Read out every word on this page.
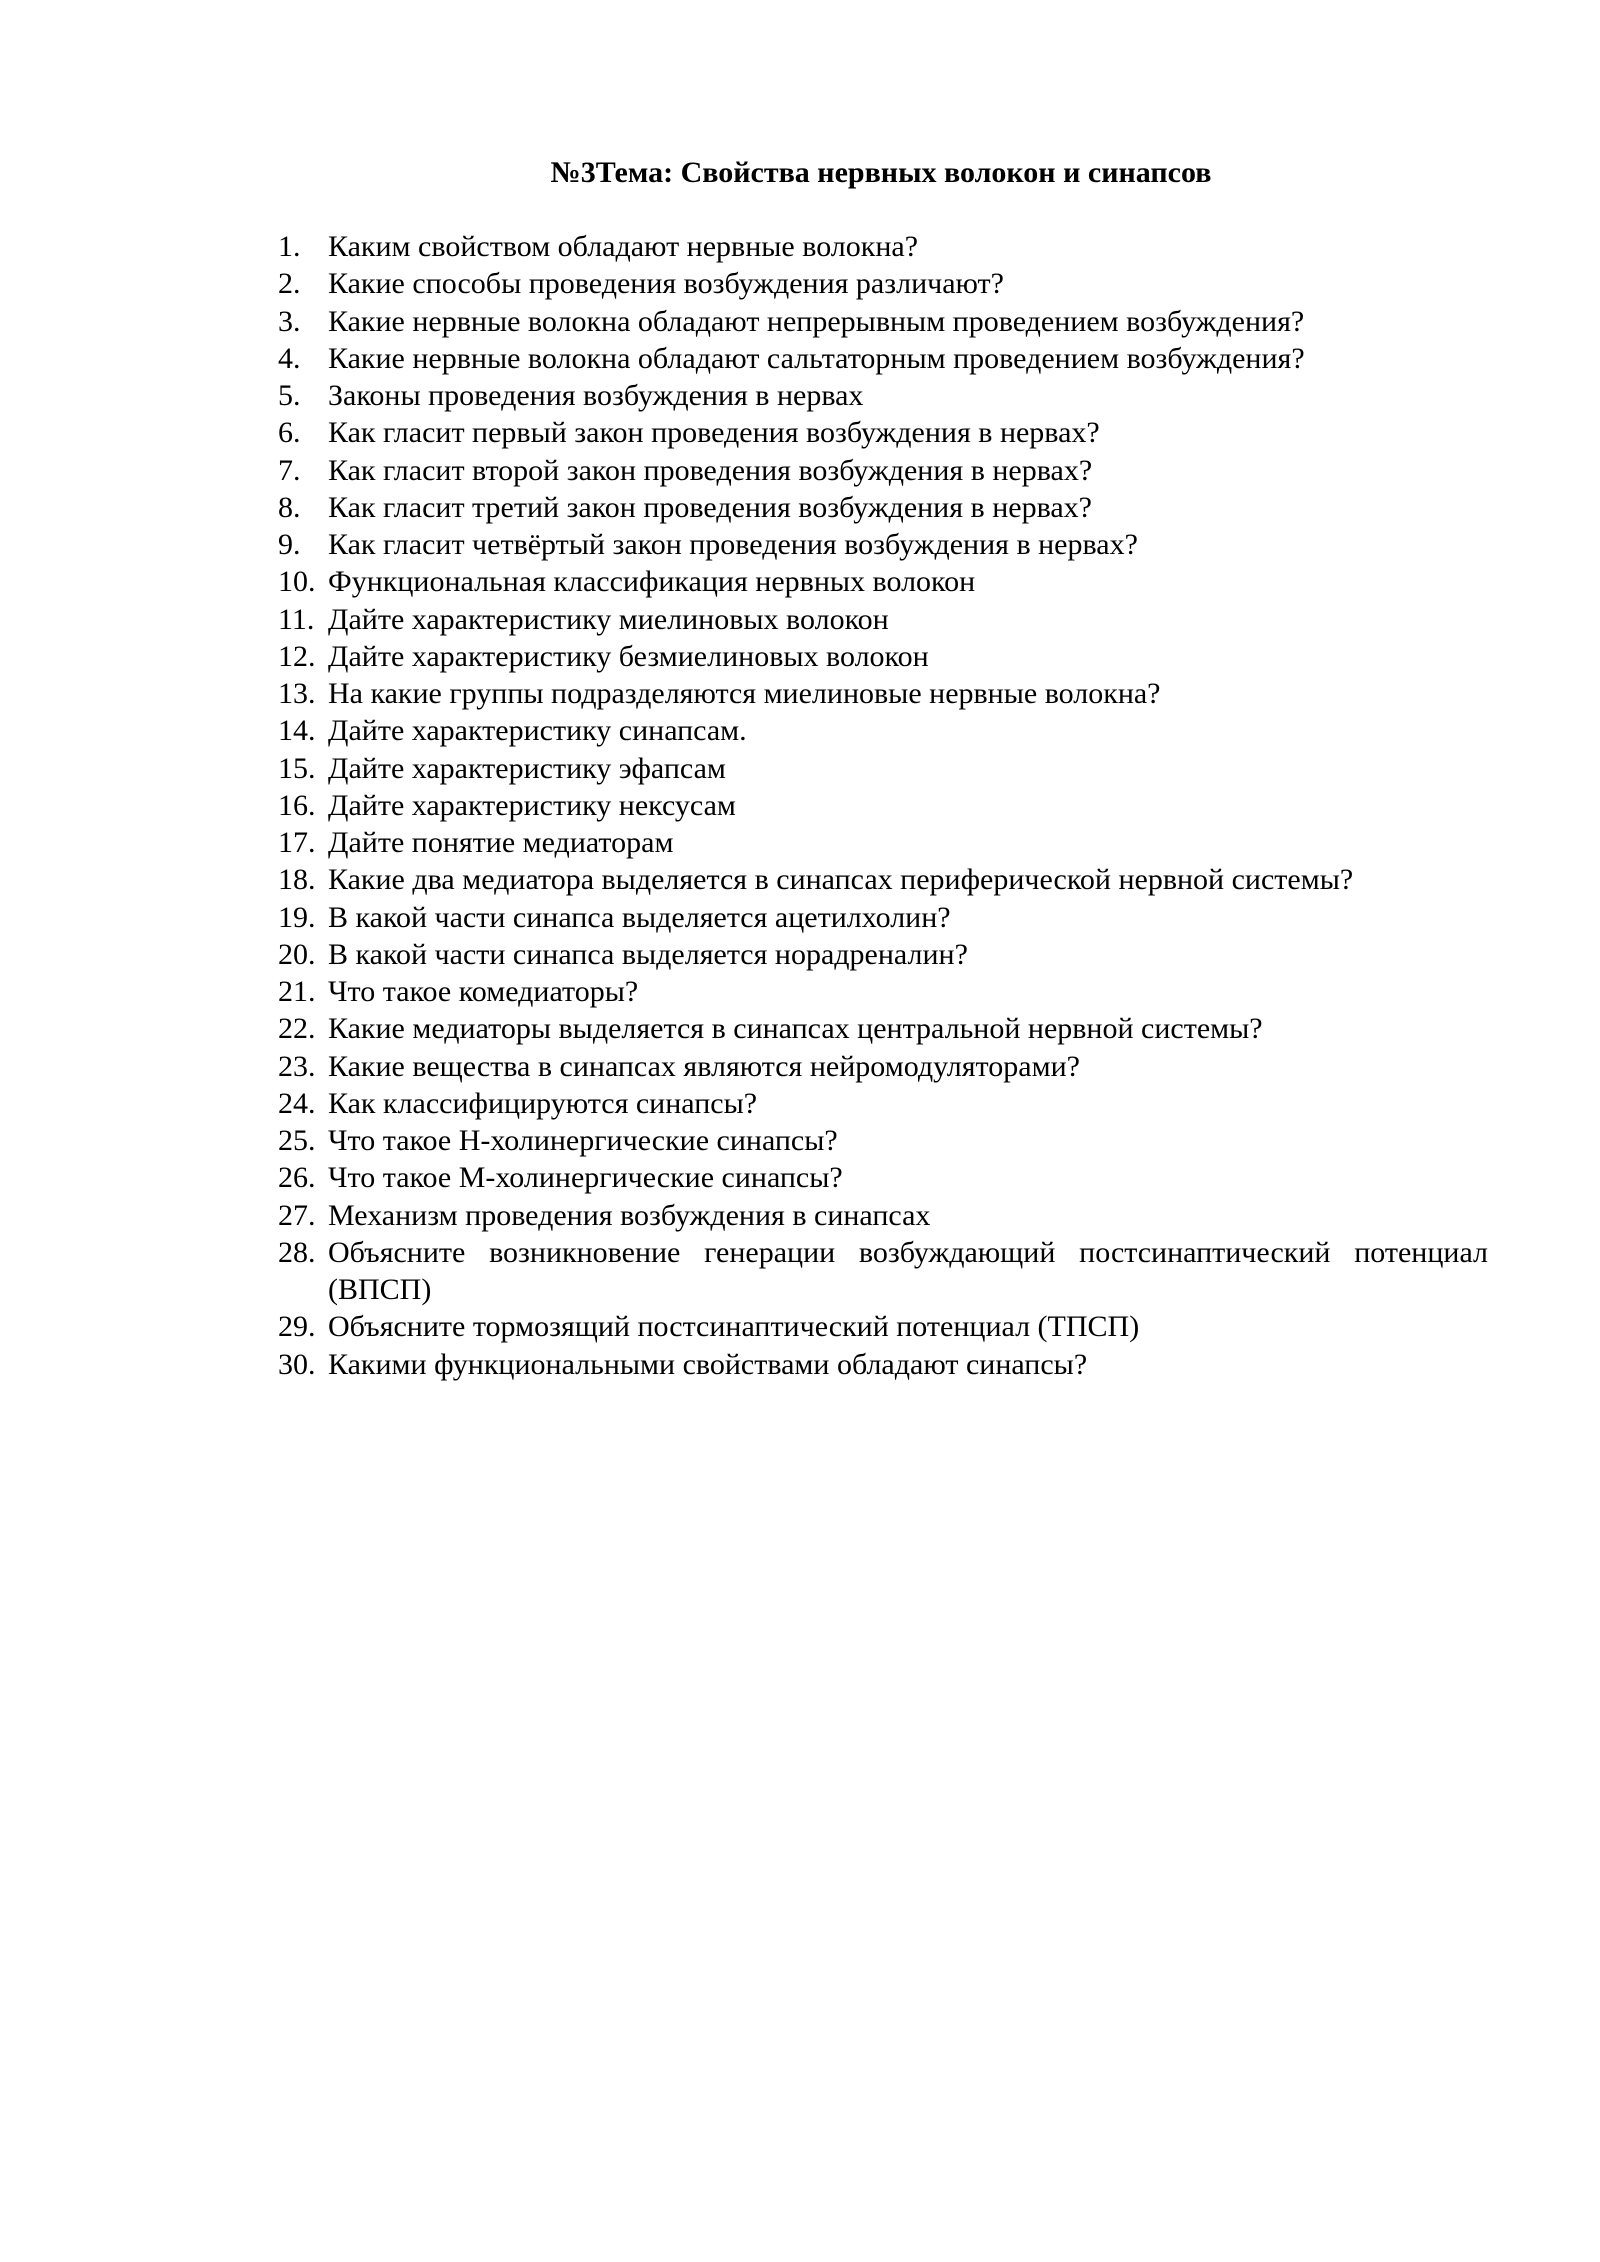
№3Тема: Свойства нервных волокон и синапсов
1. Каким свойством обладают нервные волокна?
2. Какие способы проведения возбуждения различают?
3. Какие нервные волокна обладают непрерывным проведением возбуждения?
4. Какие нервные волокна обладают сальтаторным проведением возбуждения?
5. Законы проведения возбуждения в нервах
6. Как гласит первый закон проведения возбуждения в нервах?
7. Как гласит второй закон проведения возбуждения в нервах?
8. Как гласит третий закон проведения возбуждения в нервах?
9. Как гласит четвёртый закон проведения возбуждения в нервах?
10. Функциональная классификация нервных волокон
11. Дайте характеристику миелиновых волокон
12. Дайте характеристику безмиелиновых волокон
13. На какие группы подразделяются миелиновые нервные волокна?
14. Дайте характеристику синапсам.
15. Дайте характеристику эфапсам
16. Дайте характеристику нексусам
17. Дайте понятие медиаторам
18. Какие два медиатора выделяется в синапсах периферической нервной системы?
19. В какой части синапса выделяется ацетилхолин?
20. В какой части синапса выделяется норадреналин?
21. Что такое комедиаторы?
22. Какие медиаторы выделяется в синапсах центральной нервной системы?
23. Какие вещества в синапсах являются нейромодуляторами?
24. Как классифицируются синапсы?
25. Что такое Н-холинергические синапсы?
26. Что такое М-холинергические синапсы?
27. Механизм проведения возбуждения в синапсах
28. Объясните возникновение генерации возбуждающий постсинаптический потенциал (ВПСП)
29. Объясните тормозящий постсинаптический потенциал (ТПСП)
30. Какими функциональными свойствами обладают синапсы?
